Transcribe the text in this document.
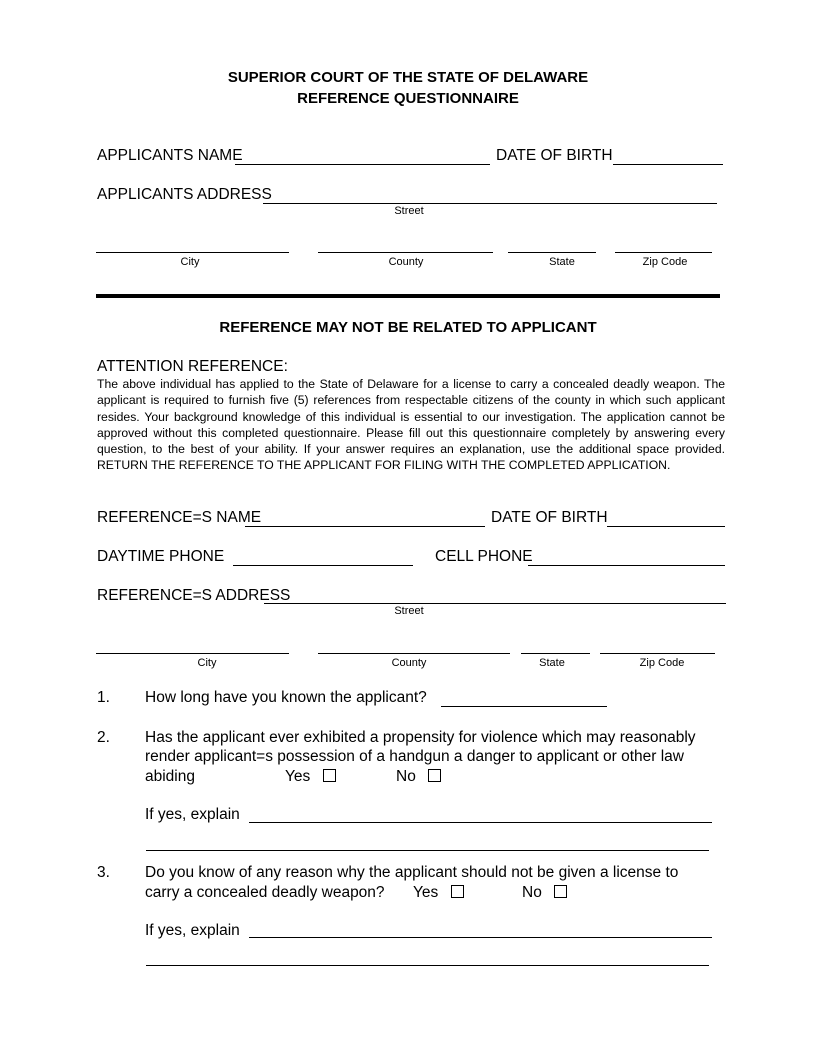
SUPERIOR COURT OF THE STATE OF DELAWARE
REFERENCE QUESTIONNAIRE
APPLICANTS NAME	DATE OF BIRTH
APPLICANTS ADDRESS
Street
City	County	State	Zip Code
REFERENCE MAY NOT BE RELATED TO APPLICANT
ATTENTION REFERENCE:
The above individual has applied to the State of Delaware for a license to carry a concealed deadly weapon. The applicant is required to furnish five (5) references from respectable citizens of the county in which such applicant resides. Your background knowledge of this individual is essential to our investigation. The application cannot be approved without this completed questionnaire. Please fill out this questionnaire completely by answering every question, to the best of your ability. If your answer requires an explanation, use the additional space provided. RETURN THE REFERENCE TO THE APPLICANT FOR FILING WITH THE COMPLETED APPLICATION.
REFERENCE=S NAME	DATE OF BIRTH
DAYTIME PHONE	CELL PHONE
REFERENCE=S ADDRESS
Street
City	County	State	Zip Code
1. How long have you known the applicant?
2. Has the applicant ever exhibited a propensity for violence which may reasonably
render applicant=s possession of a handgun a danger to applicant or other law
abiding	Yes	No
If yes, explain
3. Do you know of any reason why the applicant should not be given a license to
carry a concealed deadly weapon? Yes	No
If yes, explain
